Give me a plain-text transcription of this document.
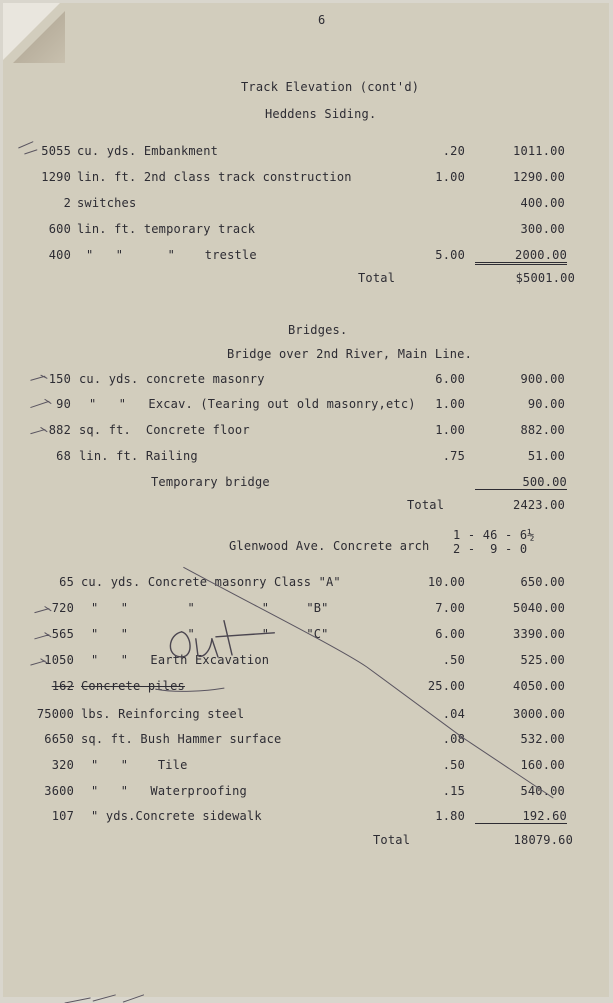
6
Track Elevation (cont'd)
Heddens Siding.
5055 cu. yds. Embankment	.20	1011.00
1290 lin. ft. 2nd class track construction	1.00	1290.00
2 switches	400.00
600 lin. ft. temporary track	300.00
400 "   "      "    trestle	5.00	2000.00
Total	$5001.00
Bridges.
Bridge over 2nd River, Main Line.
150 cu. yds. concrete masonry	6.00	900.00
90 "   "   Excav. (Tearing out old masonry,etc)	1.00	90.00
882 sq. ft.  Concrete floor	1.00	882.00
68 lin. ft. Railing	.75	51.00
Temporary bridge	500.00
Total	2423.00
Glenwood Ave. Concrete arch
1 - 46 - 6½
2 -  9 - 0
65 cu. yds. Concrete masonry Class "A"	10.00	650.00
720 "   "        "         "     "B"	7.00	5040.00
565 "   "        "         "     "C"	6.00	3390.00
1050 "   "   Earth Excavation	.50	525.00
162 Concrete piles	25.00	4050.00
75000 lbs. Reinforcing steel	.04	3000.00
6650 sq. ft. Bush Hammer surface	.08	532.00
320 "   "    Tile	.50	160.00
3600 "   "   Waterproofing	.15	540.00
107 " yds.Concrete sidewalk	1.80	192.60
Total	18079.60
